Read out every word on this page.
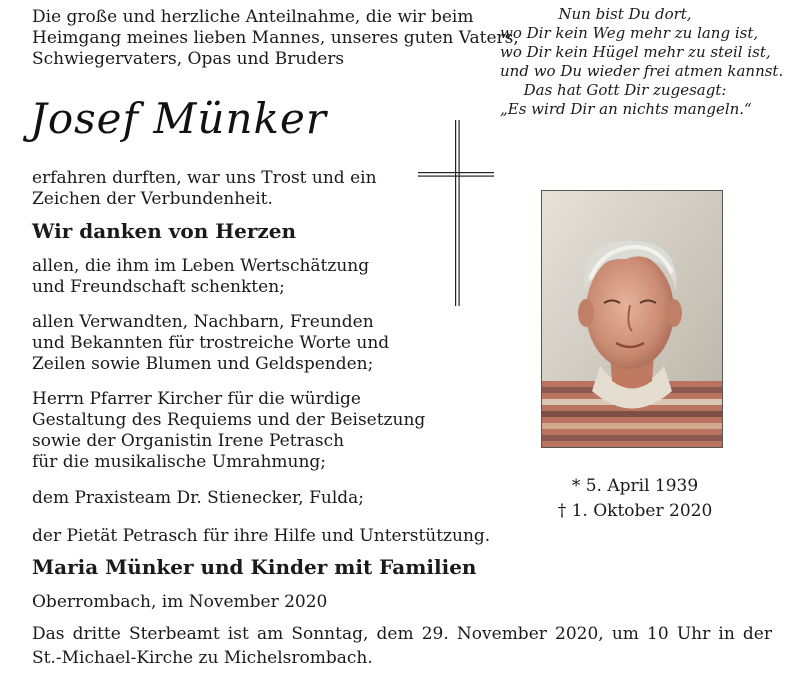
Die große und herzliche Anteilnahme, die wir beim
Heimgang meines lieben Mannes, unseres guten Vaters,
Schwiegervaters, Opas und Bruders
Josef Münker
erfahren durften, war uns Trost und ein
Zeichen der Verbundenheit.
Wir danken von Herzen
allen, die ihm im Leben Wertschätzung
und Freundschaft schenkten;
allen Verwandten, Nachbarn, Freunden
und Bekannten für trostreiche Worte und
Zeilen sowie Blumen und Geldspenden;
Herrn Pfarrer Kircher für die würdige
Gestaltung des Requiems und der Beisetzung
sowie der Organistin Irene Petrasch
für die musikalische Umrahmung;
dem Praxisteam Dr. Stienecker, Fulda;
der Pietät Petrasch für ihre Hilfe und Unterstützung.
Maria Münker und Kinder mit Familien
Oberrombach, im November 2020

Das dritte Sterbeamt ist am Sonntag, dem 29. November 2020, um 10 Uhr in der

St.-Michael-Kirche zu Michelsrombach.

Nun bist Du dort,
wo Dir kein Weg mehr zu lang ist,
wo Dir kein Hügel mehr zu steil ist,
und wo Du wieder frei atmen kannst.
Das hat Gott Dir zugesagt:
„Es wird Dir an nichts mangeln.“
* 5. April 1939
† 1. Oktober 2020
